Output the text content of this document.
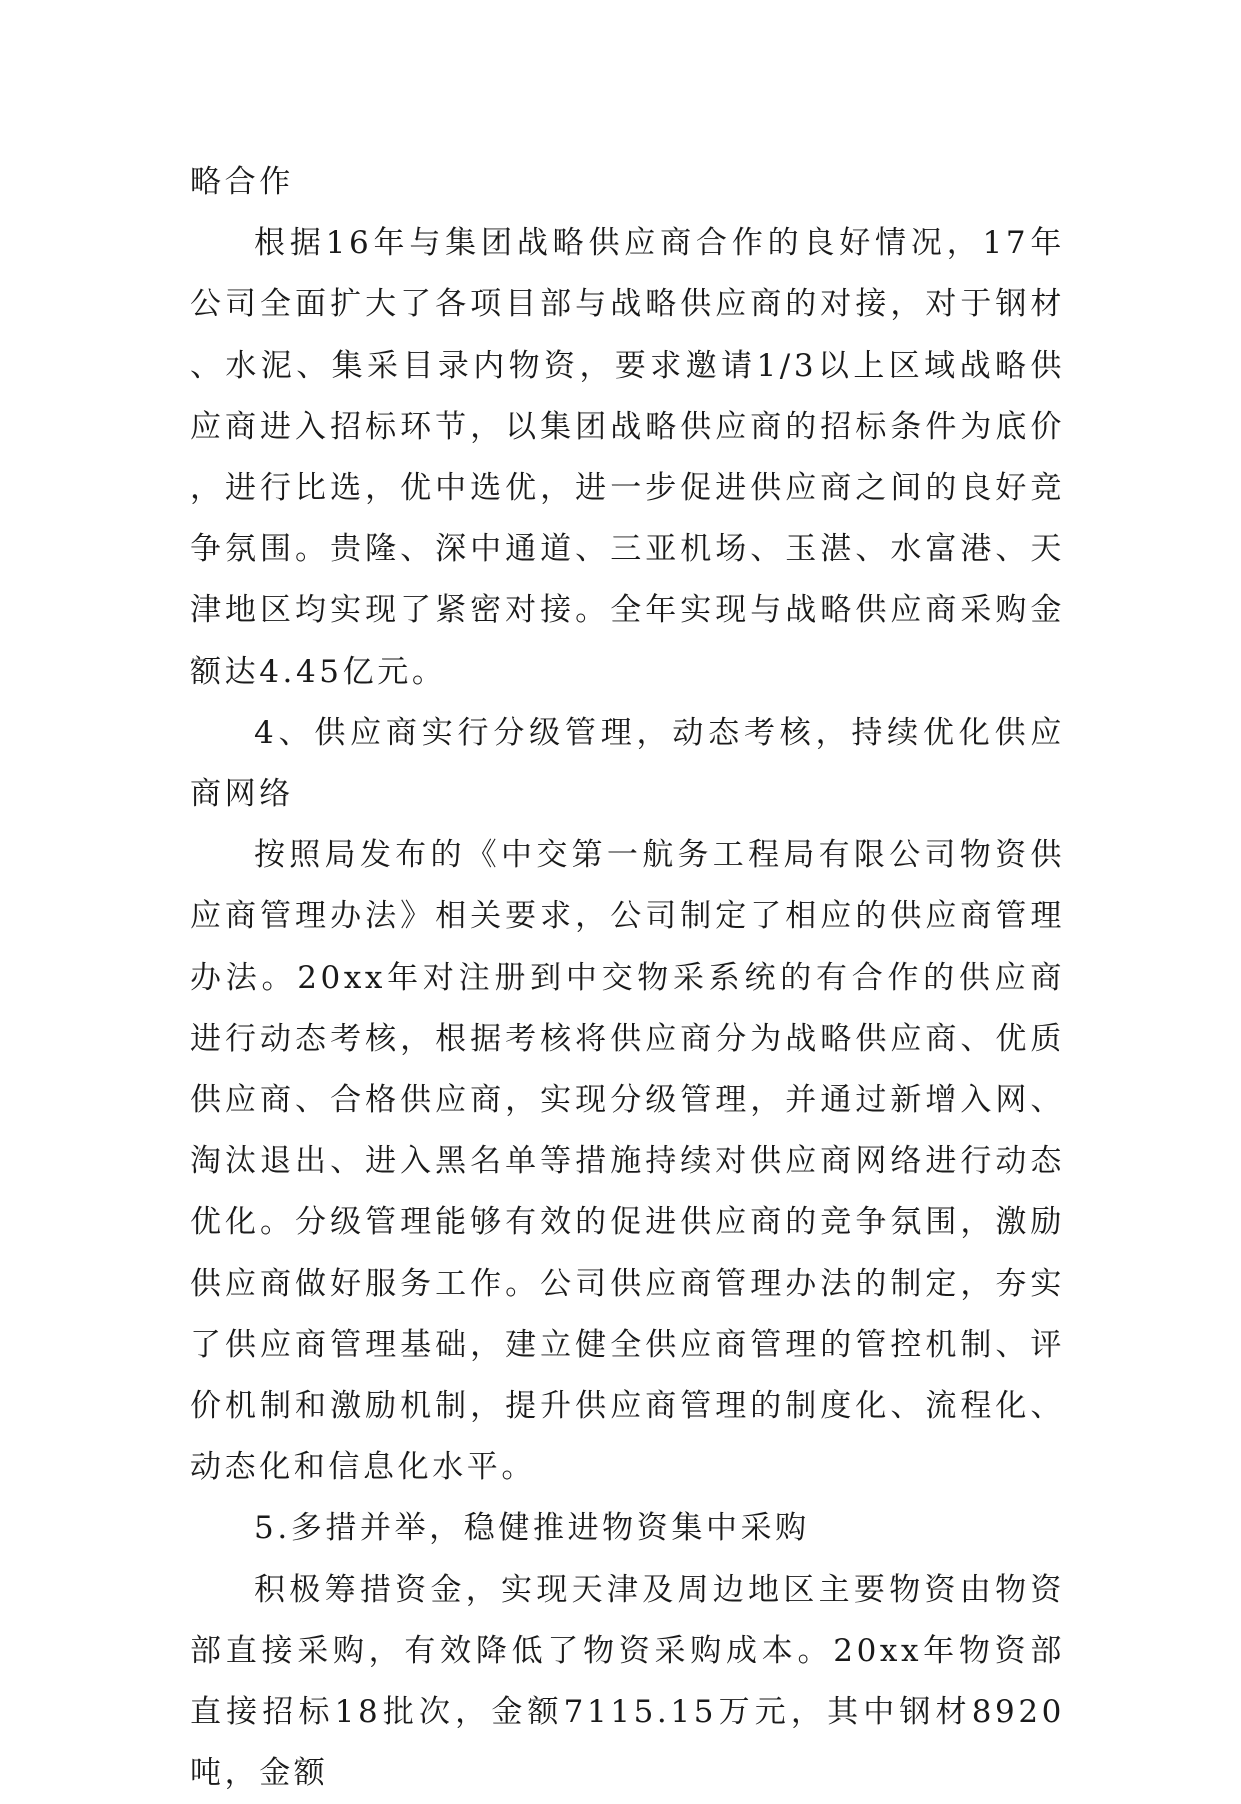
略合作

根据16年与集团战略供应商合作的良好情况，17年公司全面扩大了各项目部与战略供应商的对接，对于钢材、水泥、集采目录内物资，要求邀请1/3以上区域战略供应商进入招标环节，以集团战略供应商的招标条件为底价，进行比选，优中选优，进一步促进供应商之间的良好竞争氛围。贵隆、深中通道、三亚机场、玉湛、水富港、天津地区均实现了紧密对接。全年实现与战略供应商采购金额达4.45亿元。

4、供应商实行分级管理，动态考核，持续优化供应商网络

按照局发布的《中交第一航务工程局有限公司物资供应商管理办法》相关要求，公司制定了相应的供应商管理办法。20xx年对注册到中交物采系统的有合作的供应商进行动态考核，根据考核将供应商分为战略供应商、优质供应商、合格供应商，实现分级管理，并通过新增入网、淘汰退出、进入黑名单等措施持续对供应商网络进行动态优化。分级管理能够有效的促进供应商的竞争氛围，激励供应商做好服务工作。公司供应商管理办法的制定，夯实了供应商管理基础，建立健全供应商管理的管控机制、评价机制和激励机制，提升供应商管理的制度化、流程化、动态化和信息化水平。

5.多措并举，稳健推进物资集中采购

积极筹措资金，实现天津及周边地区主要物资由物资部直接采购，有效降低了物资采购成本。20xx年物资部直接招标18批次，金额7115.15万元，其中钢材8920吨，金额
